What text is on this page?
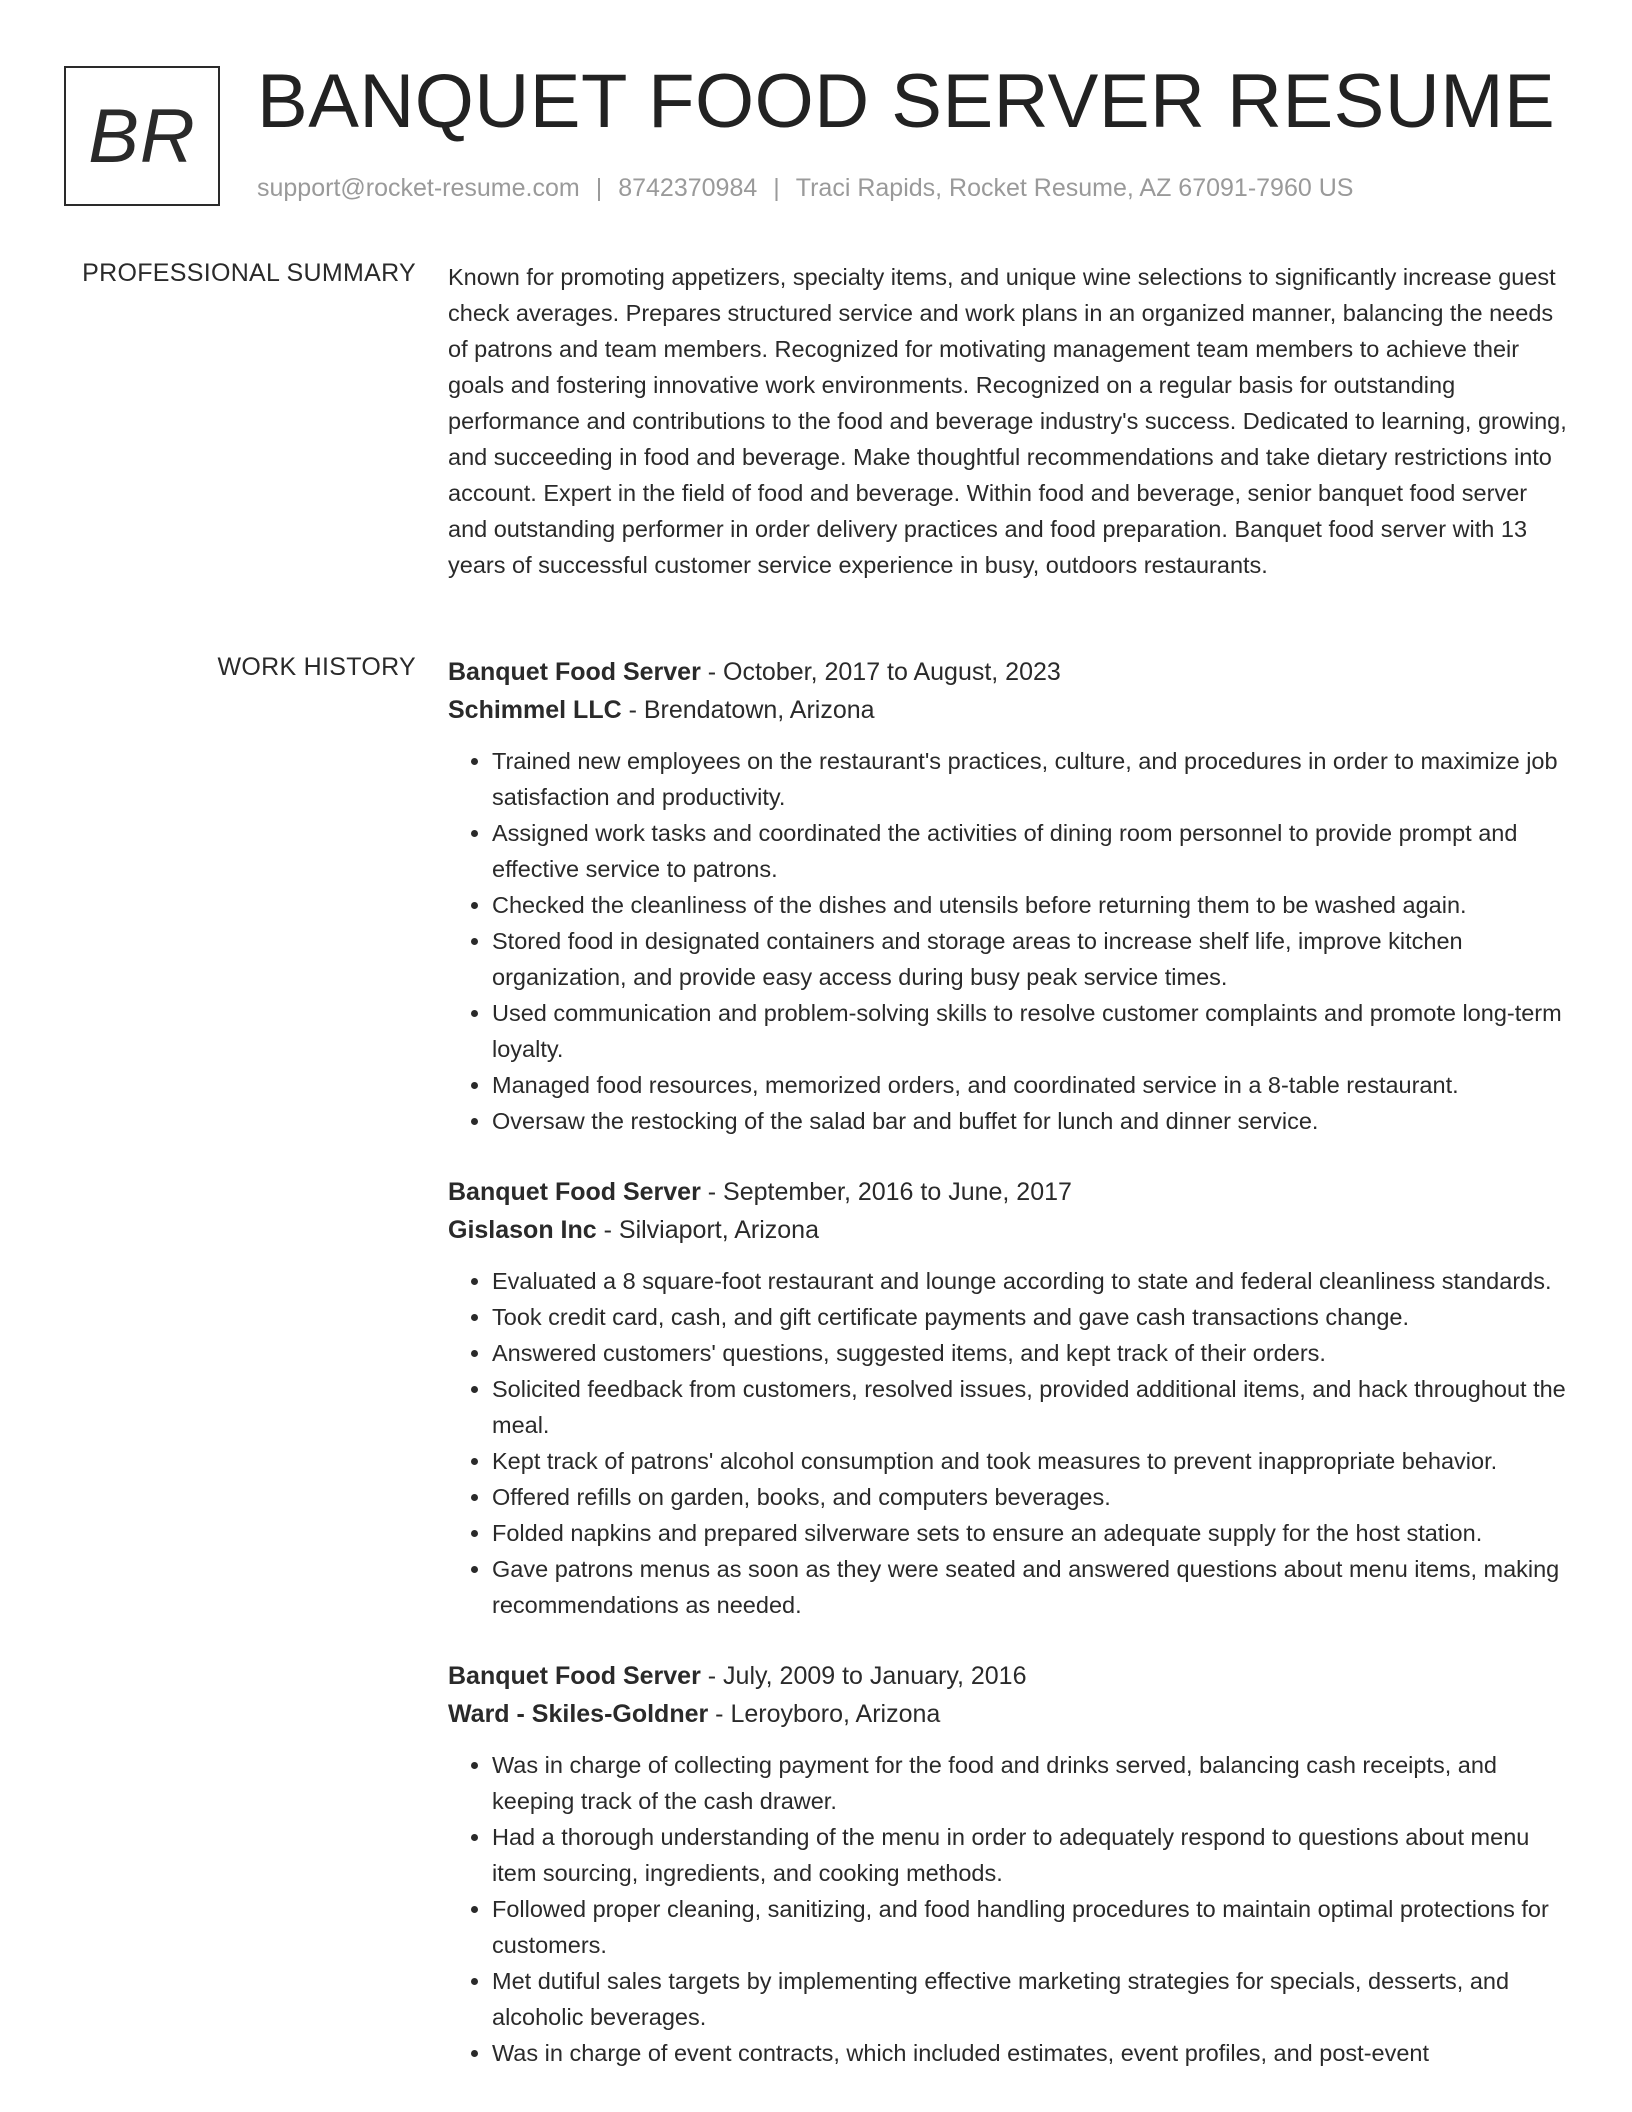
BR BANQUET FOOD SERVER RESUME
support@rocket-resume.com | 8742370984 | Traci Rapids, Rocket Resume, AZ 67091-7960 US
PROFESSIONAL SUMMARY Known for promoting appetizers, specialty items, and unique wine selections to significantly increase guest check averages. Prepares structured service and work plans in an organized manner, balancing the needs of patrons and team members. Recognized for motivating management team members to achieve their goals and fostering innovative work environments. Recognized on a regular basis for outstanding performance and contributions to the food and beverage industry's success. Dedicated to learning, growing, and succeeding in food and beverage. Make thoughtful recommendations and take dietary restrictions into account. Expert in the field of food and beverage. Within food and beverage, senior banquet food server and outstanding performer in order delivery practices and food preparation. Banquet food server with 13 years of successful customer service experience in busy, outdoors restaurants.

WORK HISTORY Banquet Food Server - October, 2017 to August, 2023

Schimmel LLC - Brendatown, Arizona

• Trained new employees on the restaurant's practices, culture, and procedures in order to maximize job satisfaction and productivity.
• Assigned work tasks and coordinated the activities of dining room personnel to provide prompt and effective service to patrons.
• Checked the cleanliness of the dishes and utensils before returning them to be washed again.
• Stored food in designated containers and storage areas to increase shelf life, improve kitchen organization, and provide easy access during busy peak service times.
• Used communication and problem-solving skills to resolve customer complaints and promote long-term loyalty.
• Managed food resources, memorized orders, and coordinated service in a 8-table restaurant.
• Oversaw the restocking of the salad bar and buffet for lunch and dinner service.

Banquet Food Server - September, 2016 to June, 2017

Gislason Inc - Silviaport, Arizona

• Evaluated a 8 square-foot restaurant and lounge according to state and federal cleanliness standards.
• Took credit card, cash, and gift certificate payments and gave cash transactions change.
• Answered customers' questions, suggested items, and kept track of their orders.
• Solicited feedback from customers, resolved issues, provided additional items, and hack throughout the meal.
• Kept track of patrons' alcohol consumption and took measures to prevent inappropriate behavior.
• Offered refills on garden, books, and computers beverages.
• Folded napkins and prepared silverware sets to ensure an adequate supply for the host station.
• Gave patrons menus as soon as they were seated and answered questions about menu items, making recommendations as needed.

Banquet Food Server - July, 2009 to January, 2016

Ward - Skiles-Goldner - Leroyboro, Arizona

• Was in charge of collecting payment for the food and drinks served, balancing cash receipts, and keeping track of the cash drawer.
• Had a thorough understanding of the menu in order to adequately respond to questions about menu item sourcing, ingredients, and cooking methods.
• Followed proper cleaning, sanitizing, and food handling procedures to maintain optimal protections for customers.
• Met dutiful sales targets by implementing effective marketing strategies for specials, desserts, and alcoholic beverages.
• Was in charge of event contracts, which included estimates, event profiles, and post-event
